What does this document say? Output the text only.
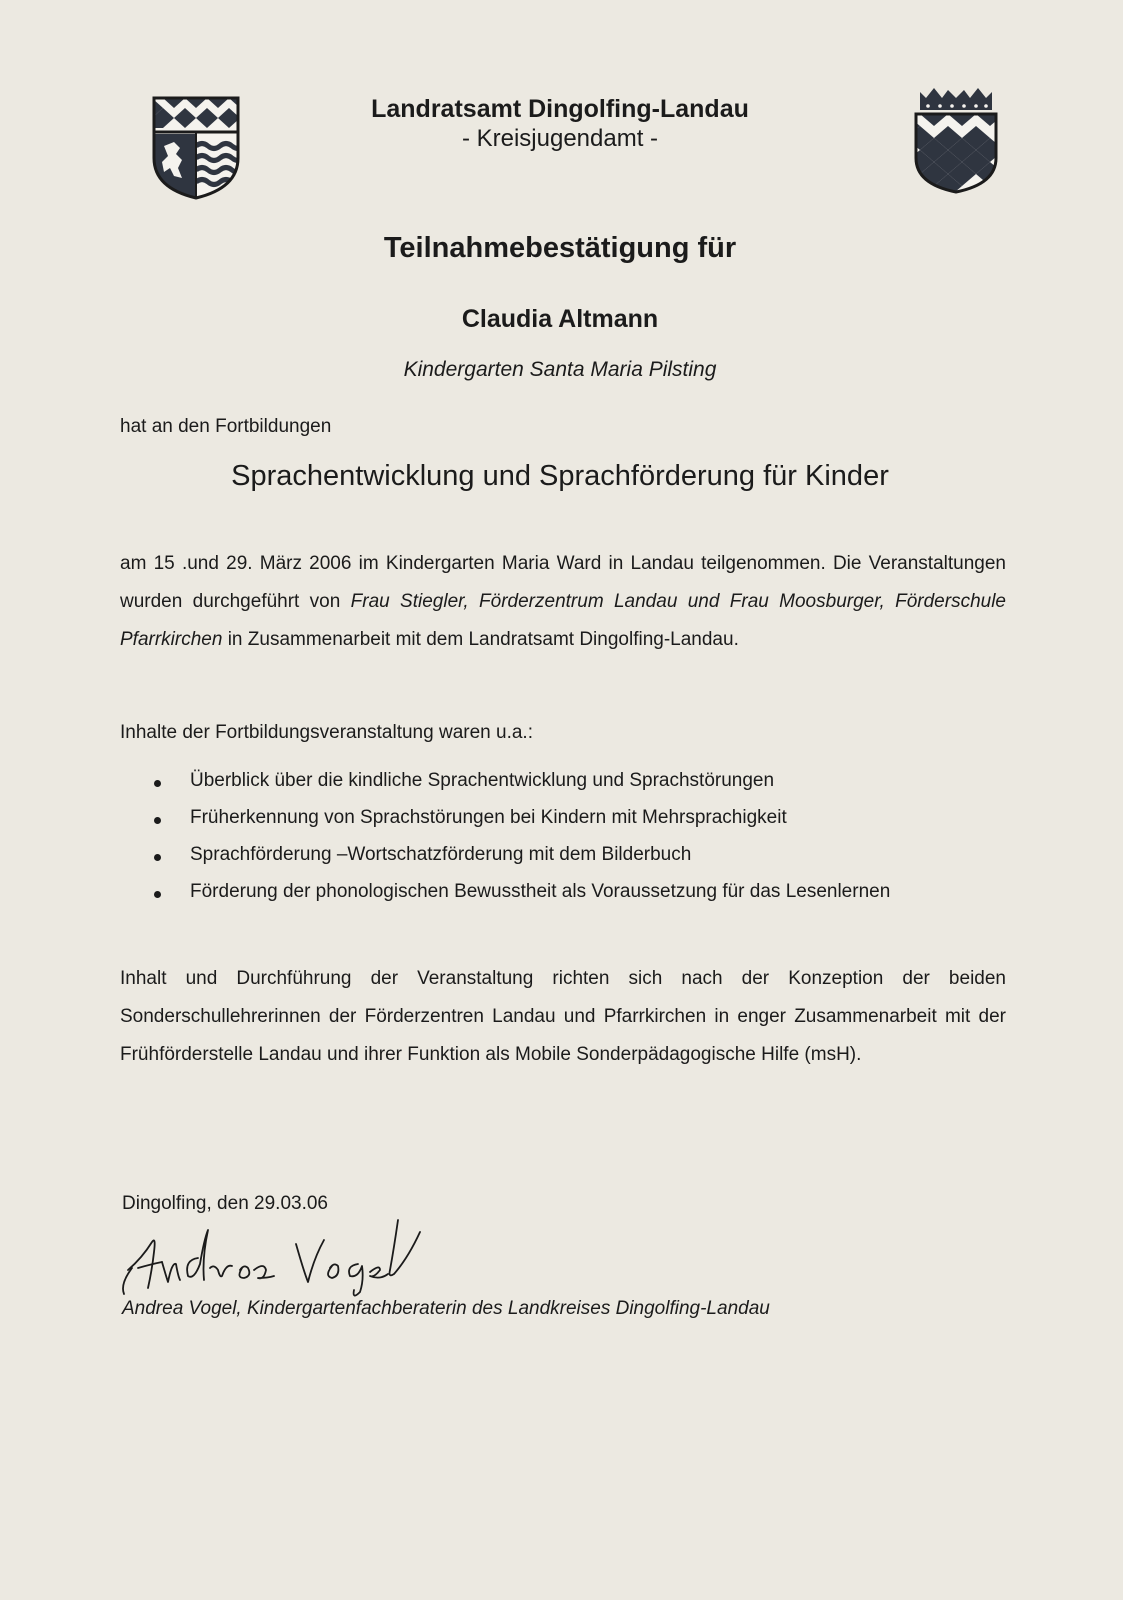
Landratsamt Dingolfing-Landau
- Kreisjugendamt -
Teilnahmebestätigung für
Claudia Altmann
Kindergarten Santa Maria Pilsting
hat an den Fortbildungen
Sprachentwicklung und Sprachförderung für Kinder

am 15 .und 29. März 2006 im Kindergarten Maria Ward in Landau teilgenommen. Die Veranstaltungen wurden durchgeführt von Frau Stiegler, Förderzentrum Landau und Frau Moosburger, Förderschule Pfarrkirchen in Zusammenarbeit mit dem Landratsamt Dingolfing-Landau.

Inhalte der Fortbildungsveranstaltung waren u.a.:
Überblick über die kindliche Sprachentwicklung und Sprachstörungen
Früherkennung von Sprachstörungen bei Kindern mit Mehrsprachigkeit
Sprachförderung –Wortschatzförderung mit dem Bilderbuch
Förderung der phonologischen Bewusstheit als Voraussetzung für das Lesenlernen

Inhalt und Durchführung der Veranstaltung richten sich nach der Konzeption der beiden Sonderschullehrerinnen der Förderzentren Landau und Pfarrkirchen in enger Zusammenarbeit mit der Frühförderstelle Landau und ihrer Funktion als Mobile Sonderpädagogische Hilfe (msH).

Dingolfing, den 29.03.06
Andrea Vogel, Kindergartenfachberaterin des Landkreises Dingolfing-Landau
